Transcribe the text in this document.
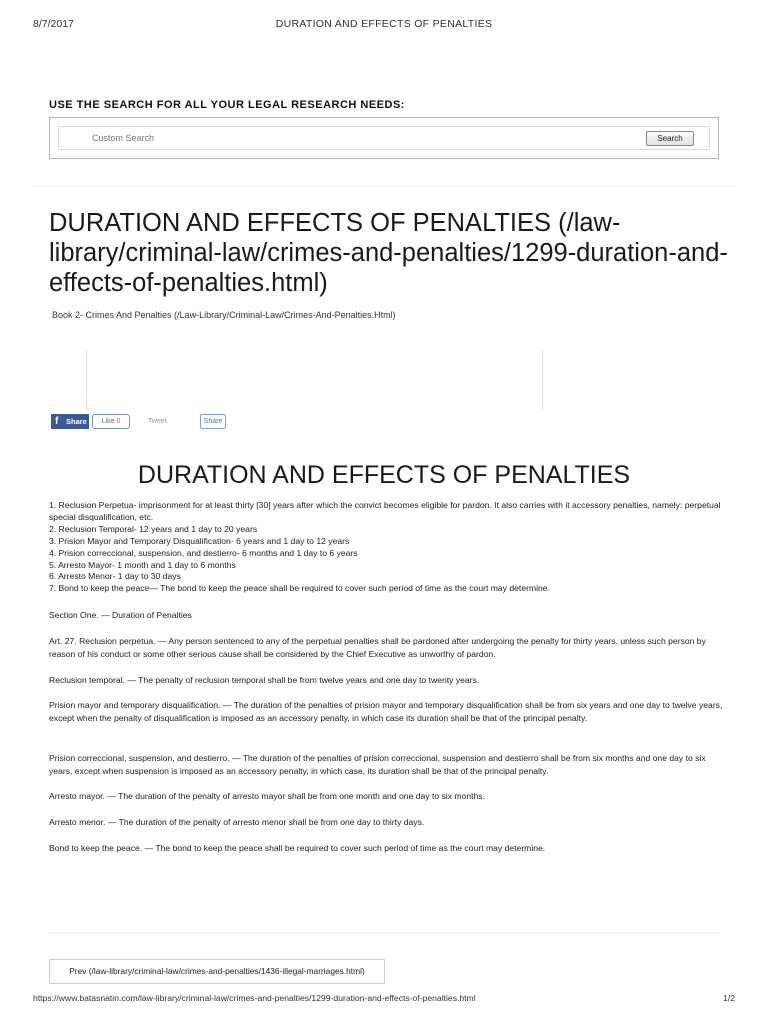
8/7/2017	DURATION AND EFFECTS OF PENALTIES
USE THE SEARCH FOR ALL YOUR LEGAL RESEARCH NEEDS:
Custom Search	Search
DURATION AND EFFECTS OF PENALTIES (/law-library/criminal-law/crimes-and-penalties/1299-duration-and-effects-of-penalties.html)
Book 2- Crimes And Penalties (/Law-Library/Criminal-Law/Crimes-And-Penalties.Html)
f Share	Like 0	Tweet	Share
DURATION AND EFFECTS OF PENALTIES
1. Reclusion Perpetua- imprisonment for at least thirty [30] years after which the convict becomes eligible for pardon. It also carries with it accessory penalties, namely: perpetual special disqualification, etc.
2. Reclusion Temporal- 12 years and 1 day to 20 years
3. Prision Mayor and Temporary Disqualification- 6 years and 1 day to 12 years
4. Prision correccional, suspension, and destierro- 6 months and 1 day to 6 years
5. Arresto Mayor- 1 month and 1 day to 6 months
6. Arresto Menor- 1 day to 30 days
7. Bond to keep the peace— The bond to keep the peace shall be required to cover such period of time as the court may determine.
Section One. — Duration of Penalties
Art. 27. Reclusion perpetua. — Any person sentenced to any of the perpetual penalties shall be pardoned after undergoing the penalty for thirty years, unless such person by reason of his conduct or some other serious cause shall be considered by the Chief Executive as unworthy of pardon.
Reclusion temporal. — The penalty of reclusion temporal shall be from twelve years and one day to twenty years.
Prision mayor and temporary disqualification. — The duration of the penalties of prision mayor and temporary disqualification shall be from six years and one day to twelve years, except when the penalty of disqualification is imposed as an accessory penalty, in which case its duration shall be that of the principal penalty.
Prision correccional, suspension, and destierro. — The duration of the penalties of prision correccional, suspension and destierro shall be from six months and one day to six years, except when suspension is imposed as an accessory penalty, in which case, its duration shall be that of the principal penalty.
Arresto mayor. — The duration of the penalty of arresto mayor shall be from one month and one day to six months.
Arresto menor. — The duration of the penalty of arresto menor shall be from one day to thirty days.
Bond to keep the peace. — The bond to keep the peace shall be required to cover such period of time as the court may determine.
Prev (/law-library/criminal-law/crimes-and-penalties/1436-illegal-marriages.html)
https://www.batasnatin.com/law-library/criminal-law/crimes-and-penalties/1299-duration-and-effects-of-penalties.html	1/2
